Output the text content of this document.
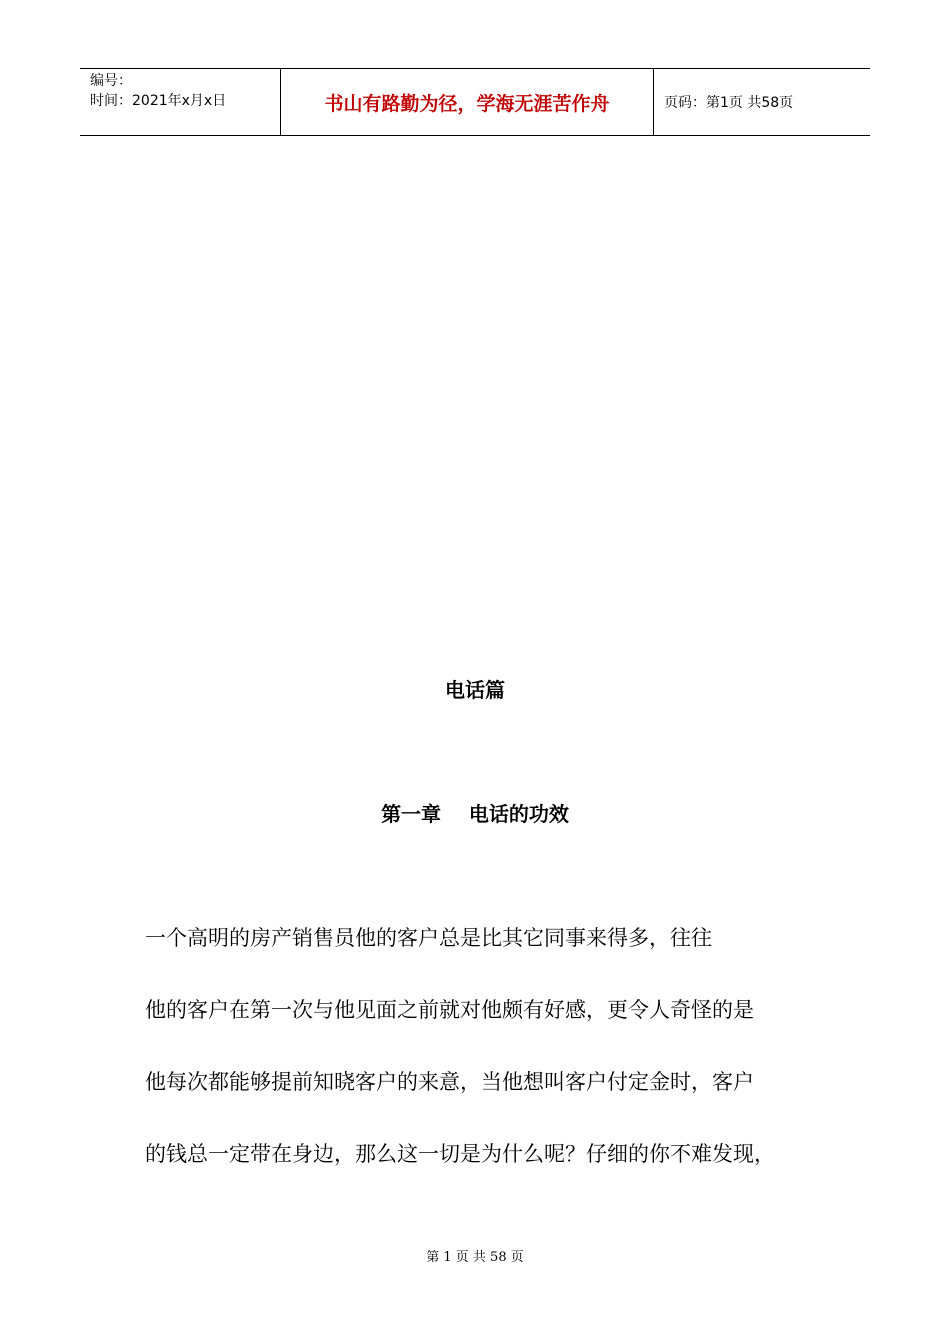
编号：
时间：2021年x月x日	书山有路勤为径，学海无涯苦作舟	页码：第1页 共58页
电话篇
第一章    电话的功效
一个高明的房产销售员他的客户总是比其它同事来得多，往往
他的客户在第一次与他见面之前就对他颇有好感，更令人奇怪的是
他每次都能够提前知晓客户的来意，当他想叫客户付定金时，客户
的钱总一定带在身边，那么这一切是为什么呢？仔细的你不难发现，
第 1 页 共 58 页
